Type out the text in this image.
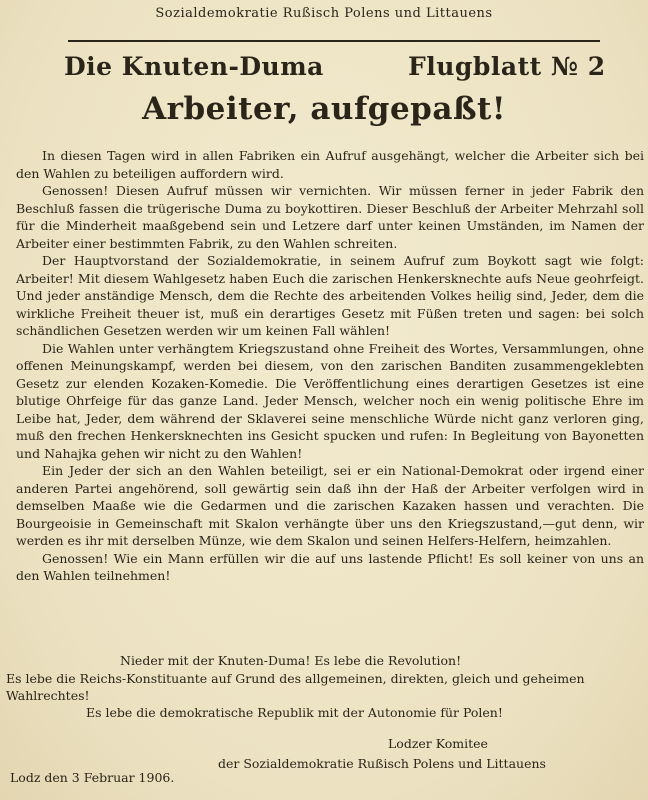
Sozialdemokratie Rußisch Polens und Littauens
Die Knuten-Duma	Flugblatt № 2
Arbeiter, aufgepaßt!

In diesen Tagen wird in allen Fabriken ein Aufruf ausgehängt, welcher die Arbeiter sich bei den Wahlen zu beteiligen auffordern wird.

Genossen! Diesen Aufruf müssen wir vernichten. Wir müssen ferner in jeder Fabrik den Beschluß fassen die trügerische Duma zu boykottiren. Dieser Beschluß der Arbeiter Mehrzahl soll für die Minderheit maaßgebend sein und Letzere darf unter keinen Umständen, im Namen der Arbeiter einer bestimmten Fabrik, zu den Wahlen schreiten.

Der Hauptvorstand der Sozialdemokratie, in seinem Aufruf zum Boykott sagt wie folgt: Arbeiter! Mit diesem Wahlgesetz haben Euch die zarischen Henkersknechte aufs Neue geohrfeigt. Und jeder anständige Mensch, dem die Rechte des arbeitenden Volkes heilig sind, Jeder, dem die wirkliche Freiheit theuer ist, muß ein derartiges Gesetz mit Füßen treten und sagen: bei solch schändlichen Gesetzen werden wir um keinen Fall wählen!

Die Wahlen unter verhängtem Kriegszustand ohne Freiheit des Wortes, Versammlungen, ohne offenen Meinungskampf, werden bei diesem, von den zarischen Banditen zusammengeklebten Gesetz zur elenden Kozaken-Komedie. Die Veröffentlichung eines derartigen Gesetzes ist eine blutige Ohrfeige für das ganze Land. Jeder Mensch, welcher noch ein wenig politische Ehre im Leibe hat, Jeder, dem während der Sklaverei seine menschliche Würde nicht ganz verloren ging, muß den frechen Henkersknechten ins Gesicht spucken und rufen: In Begleitung von Bayonetten und Nahajka gehen wir nicht zu den Wahlen!

Ein Jeder der sich an den Wahlen beteiligt, sei er ein National-Demokrat oder irgend einer anderen Partei angehörend, soll gewärtig sein daß ihn der Haß der Arbeiter verfolgen wird in demselben Maaße wie die Gedarmen und die zarischen Kazaken hassen und verachten. Die Bourgeoisie in Gemeinschaft mit Skalon verhängte über uns den Kriegszustand,—gut denn, wir werden es ihr mit derselben Münze, wie dem Skalon und seinen Helfers-Helfern, heimzahlen.

Genossen! Wie ein Mann erfüllen wir die auf uns lastende Pflicht! Es soll keiner von uns an den Wahlen teilnehmen!

Nieder mit der Knuten-Duma! Es lebe die Revolution!
Es lebe die Reichs-Konstituante auf Grund des allgemeinen, direkten, gleich und geheimen Wahlrechtes!
Es lebe die demokratische Republik mit der Autonomie für Polen!
Lodzer Komitee
der Sozialdemokratie Rußisch Polens und Littauens
Lodz den 3 Februar 1906.
